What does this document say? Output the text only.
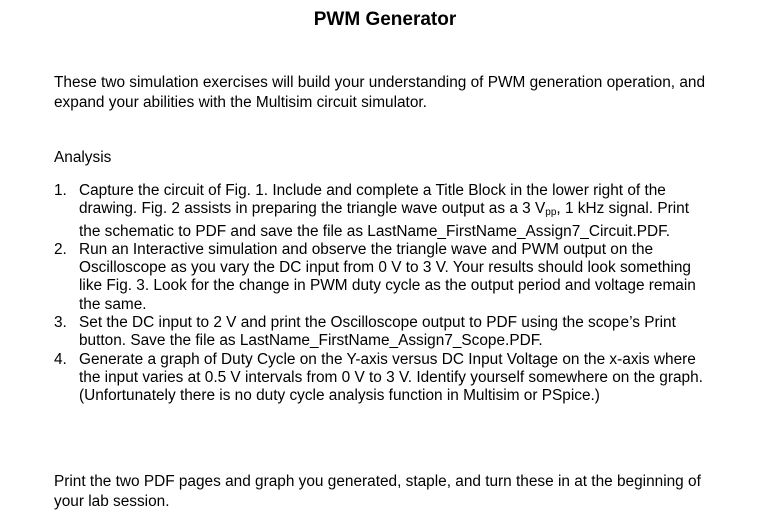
PWM Generator
These two simulation exercises will build your understanding of PWM generation operation, and expand your abilities with the Multisim circuit simulator.
Analysis
1. Capture the circuit of Fig. 1. Include and complete a Title Block in the lower right of the drawing. Fig. 2 assists in preparing the triangle wave output as a 3 $V_{pp}$, 1 kHz signal. Print the schematic to PDF and save the file as LastName_FirstName_Assign7_Circuit.PDF.
2. Run an Interactive simulation and observe the triangle wave and PWM output on the Oscilloscope as you vary the DC input from 0 V to 3 V. Your results should look something like Fig. 3. Look for the change in PWM duty cycle as the output period and voltage remain the same.
3. Set the DC input to 2 V and print the Oscilloscope output to PDF using the scope’s Print button. Save the file as LastName_FirstName_Assign7_Scope.PDF.
4. Generate a graph of Duty Cycle on the Y-axis versus DC Input Voltage on the x-axis where the input varies at 0.5 V intervals from 0 V to 3 V. Identify yourself somewhere on the graph. (Unfortunately there is no duty cycle analysis function in Multisim or PSpice.)
Print the two PDF pages and graph you generated, staple, and turn these in at the beginning of your lab session.
